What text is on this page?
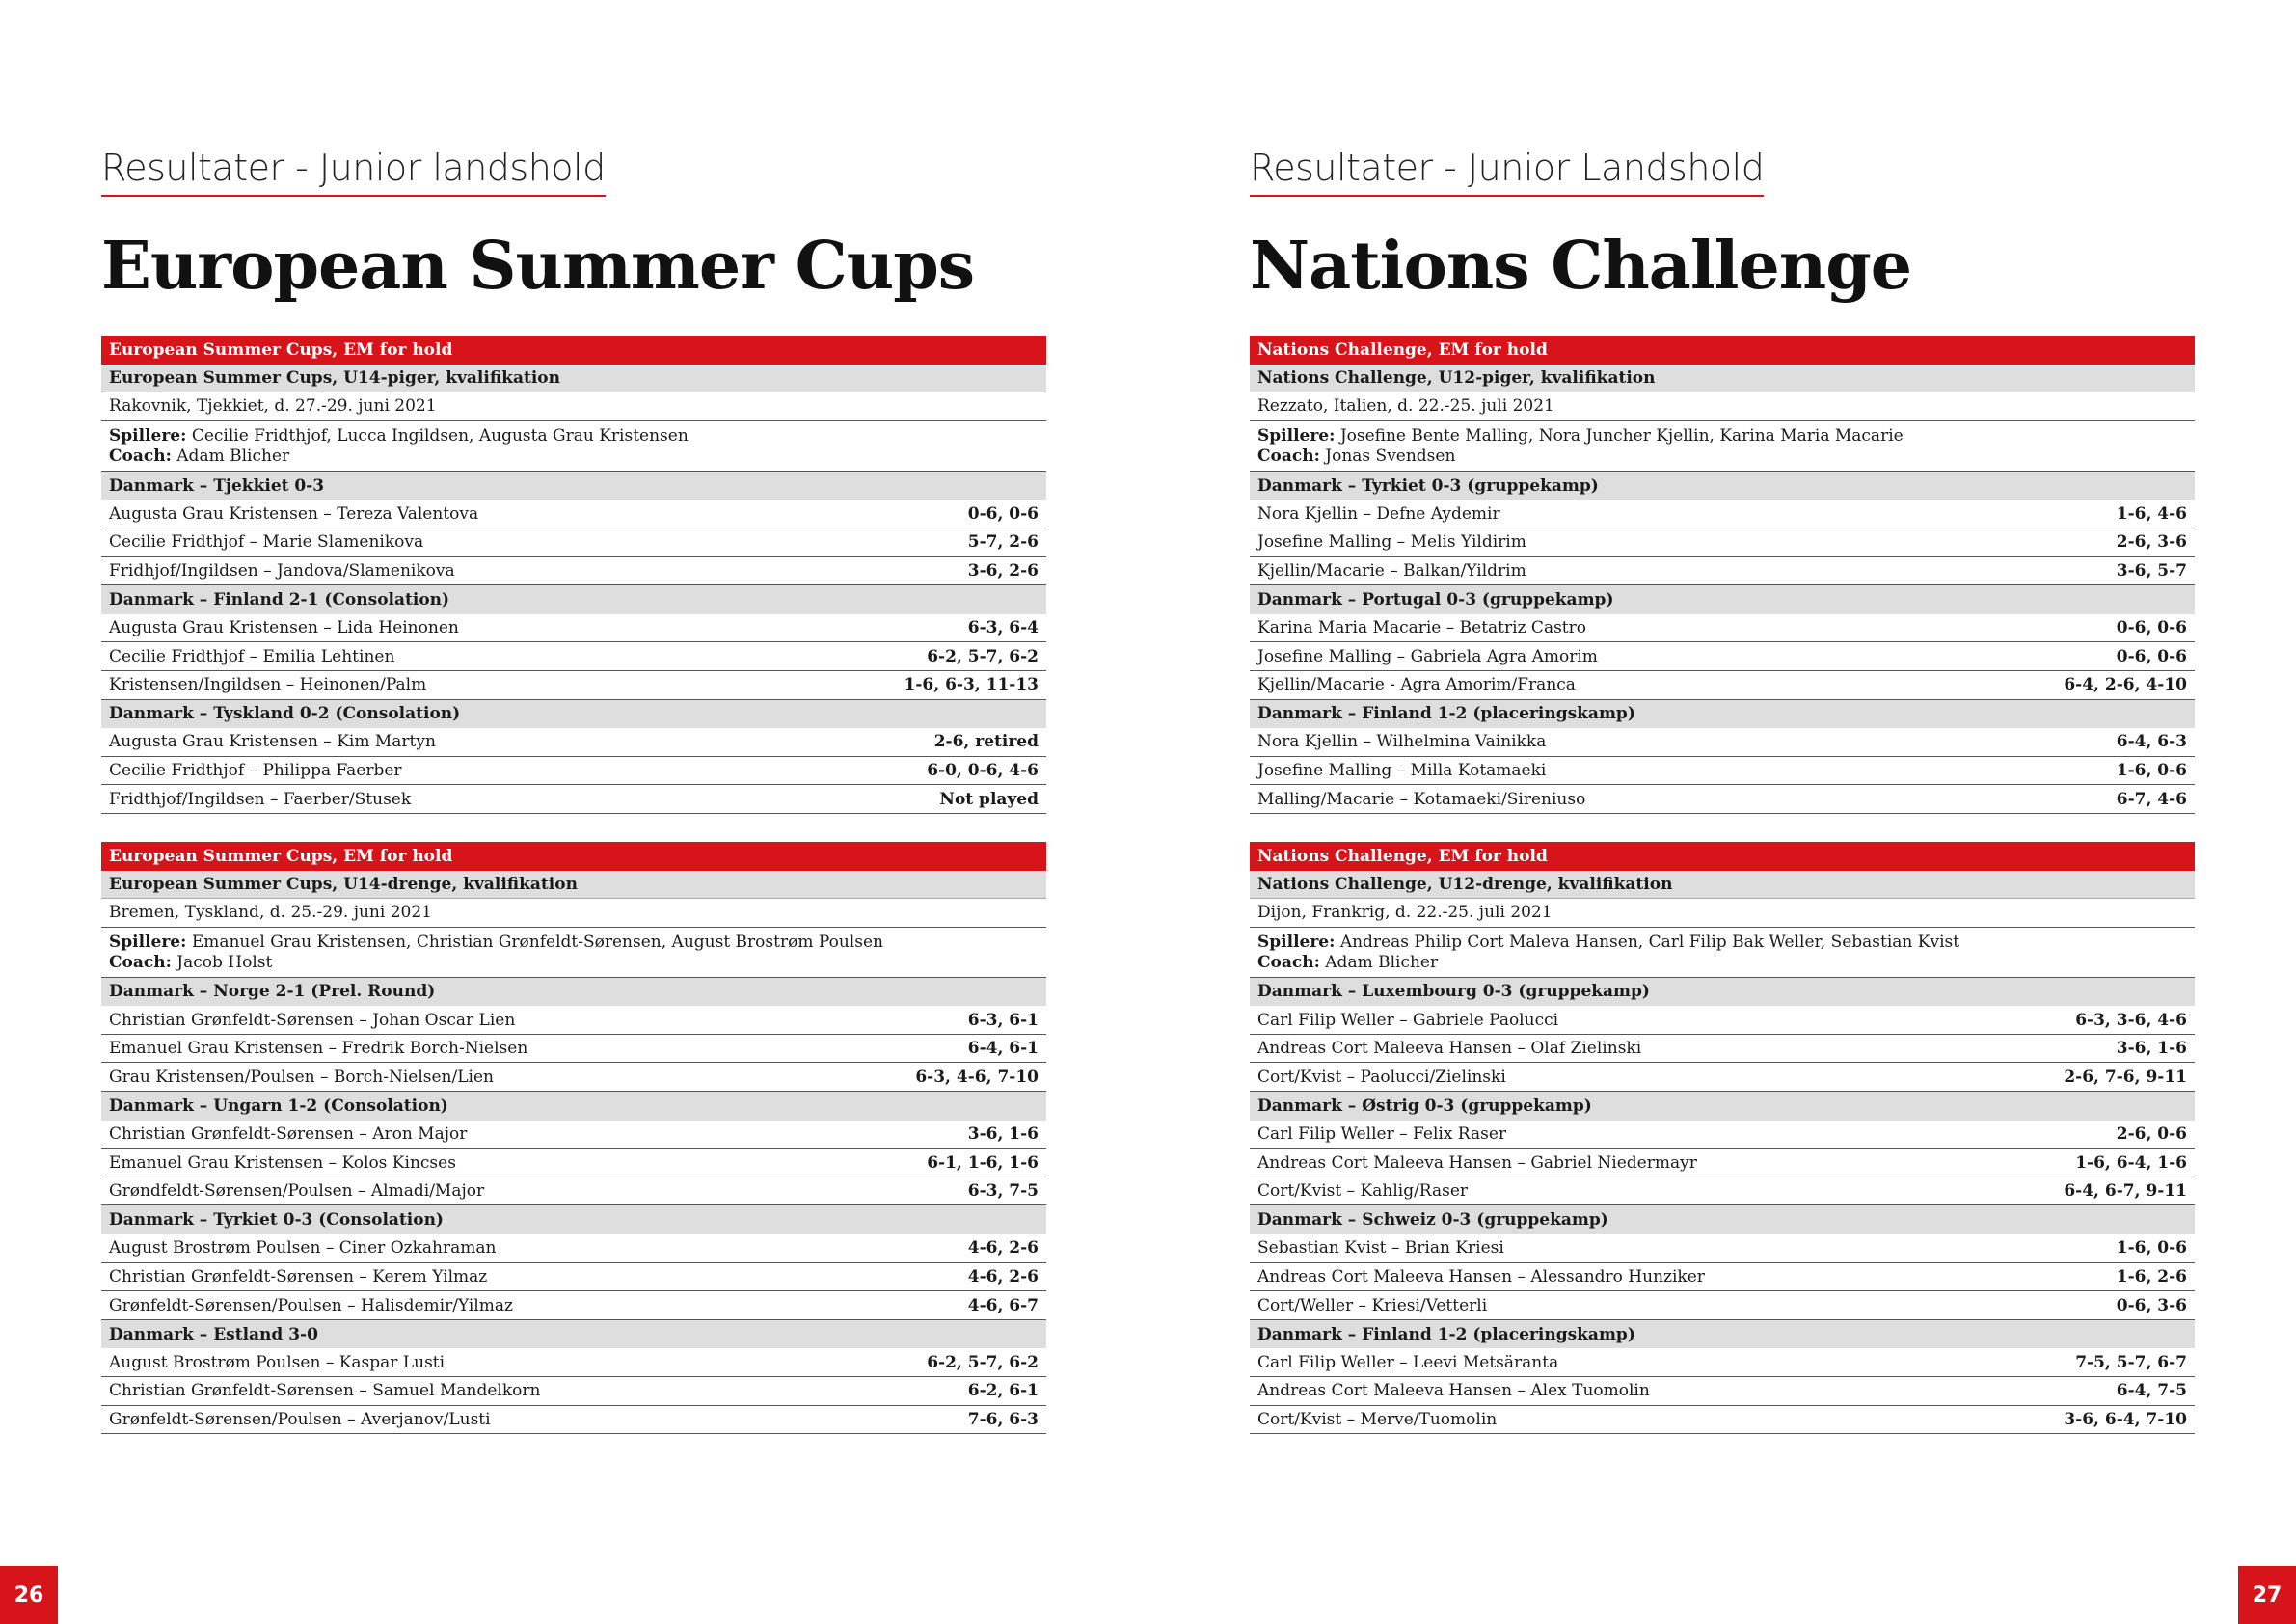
Resultater - Junior landshold
European Summer Cups
European Summer Cups, EM for hold
European Summer Cups, U14-piger, kvalifikation
Rakovnik, Tjekkiet, d. 27.-29. juni 2021
Spillere: Cecilie Fridthjof, Lucca Ingildsen, Augusta Grau Kristensen
Coach: Adam Blicher
Danmark – Tjekkiet 0-3
Augusta Grau Kristensen – Tereza Valentova	0-6, 0-6
Cecilie Fridthjof – Marie Slamenikova	5-7, 2-6
Fridhjof/Ingildsen – Jandova/Slamenikova	3-6, 2-6
Danmark – Finland 2-1 (Consolation)
Augusta Grau Kristensen – Lida Heinonen	6-3, 6-4
Cecilie Fridthjof – Emilia Lehtinen	6-2, 5-7, 6-2
Kristensen/Ingildsen – Heinonen/Palm	1-6, 6-3, 11-13
Danmark – Tyskland 0-2 (Consolation)
Augusta Grau Kristensen – Kim Martyn	2-6, retired
Cecilie Fridthjof – Philippa Faerber	6-0, 0-6, 4-6
Fridthjof/Ingildsen – Faerber/Stusek	Not played
European Summer Cups, EM for hold
European Summer Cups, U14-drenge, kvalifikation
Bremen, Tyskland, d. 25.-29. juni 2021
Spillere: Emanuel Grau Kristensen, Christian Grønfeldt-Sørensen, August Brostrøm Poulsen
Coach: Jacob Holst
Danmark – Norge 2-1 (Prel. Round)
Christian Grønfeldt-Sørensen – Johan Oscar Lien	6-3, 6-1
Emanuel Grau Kristensen – Fredrik Borch-Nielsen	6-4, 6-1
Grau Kristensen/Poulsen – Borch-Nielsen/Lien	6-3, 4-6, 7-10
Danmark – Ungarn 1-2 (Consolation)
Christian Grønfeldt-Sørensen – Aron Major	3-6, 1-6
Emanuel Grau Kristensen – Kolos Kincses	6-1, 1-6, 1-6
Grøndfeldt-Sørensen/Poulsen – Almadi/Major	6-3, 7-5
Danmark – Tyrkiet 0-3 (Consolation)
August Brostrøm Poulsen – Ciner Ozkahraman	4-6, 2-6
Christian Grønfeldt-Sørensen – Kerem Yilmaz	4-6, 2-6
Grønfeldt-Sørensen/Poulsen – Halisdemir/Yilmaz	4-6, 6-7
Danmark – Estland 3-0
August Brostrøm Poulsen – Kaspar Lusti	6-2, 5-7, 6-2
Christian Grønfeldt-Sørensen – Samuel Mandelkorn	6-2, 6-1
Grønfeldt-Sørensen/Poulsen – Averjanov/Lusti	7-6, 6-3
Resultater - Junior Landshold
Nations Challenge
Nations Challenge, EM for hold
Nations Challenge, U12-piger, kvalifikation
Rezzato, Italien, d. 22.-25. juli 2021
Spillere: Josefine Bente Malling, Nora Juncher Kjellin, Karina Maria Macarie
Coach: Jonas Svendsen
Danmark – Tyrkiet 0-3 (gruppekamp)
Nora Kjellin – Defne Aydemir	1-6, 4-6
Josefine Malling – Melis Yildirim	2-6, 3-6
Kjellin/Macarie – Balkan/Yildrim	3-6, 5-7
Danmark – Portugal 0-3 (gruppekamp)
Karina Maria Macarie – Betatriz Castro	0-6, 0-6
Josefine Malling – Gabriela Agra Amorim	0-6, 0-6
Kjellin/Macarie - Agra Amorim/Franca	6-4, 2-6, 4-10
Danmark – Finland 1-2 (placeringskamp)
Nora Kjellin – Wilhelmina Vainikka	6-4, 6-3
Josefine Malling – Milla Kotamaeki	1-6, 0-6
Malling/Macarie – Kotamaeki/Sireniuso	6-7, 4-6
Nations Challenge, EM for hold
Nations Challenge, U12-drenge, kvalifikation
Dijon, Frankrig, d. 22.-25. juli 2021
Spillere: Andreas Philip Cort Maleva Hansen, Carl Filip Bak Weller, Sebastian Kvist
Coach: Adam Blicher
Danmark – Luxembourg 0-3 (gruppekamp)
Carl Filip Weller – Gabriele Paolucci	6-3, 3-6, 4-6
Andreas Cort Maleeva Hansen – Olaf Zielinski	3-6, 1-6
Cort/Kvist – Paolucci/Zielinski	2-6, 7-6, 9-11
Danmark – Østrig 0-3 (gruppekamp)
Carl Filip Weller – Felix Raser	2-6, 0-6
Andreas Cort Maleeva Hansen – Gabriel Niedermayr	1-6, 6-4, 1-6
Cort/Kvist – Kahlig/Raser	6-4, 6-7, 9-11
Danmark – Schweiz 0-3 (gruppekamp)
Sebastian Kvist – Brian Kriesi	1-6, 0-6
Andreas Cort Maleeva Hansen – Alessandro Hunziker	1-6, 2-6
Cort/Weller – Kriesi/Vetterli	0-6, 3-6
Danmark – Finland 1-2 (placeringskamp)
Carl Filip Weller – Leevi Metsäranta	7-5, 5-7, 6-7
Andreas Cort Maleeva Hansen – Alex Tuomolin	6-4, 7-5
Cort/Kvist – Merve/Tuomolin	3-6, 6-4, 7-10
26	27
